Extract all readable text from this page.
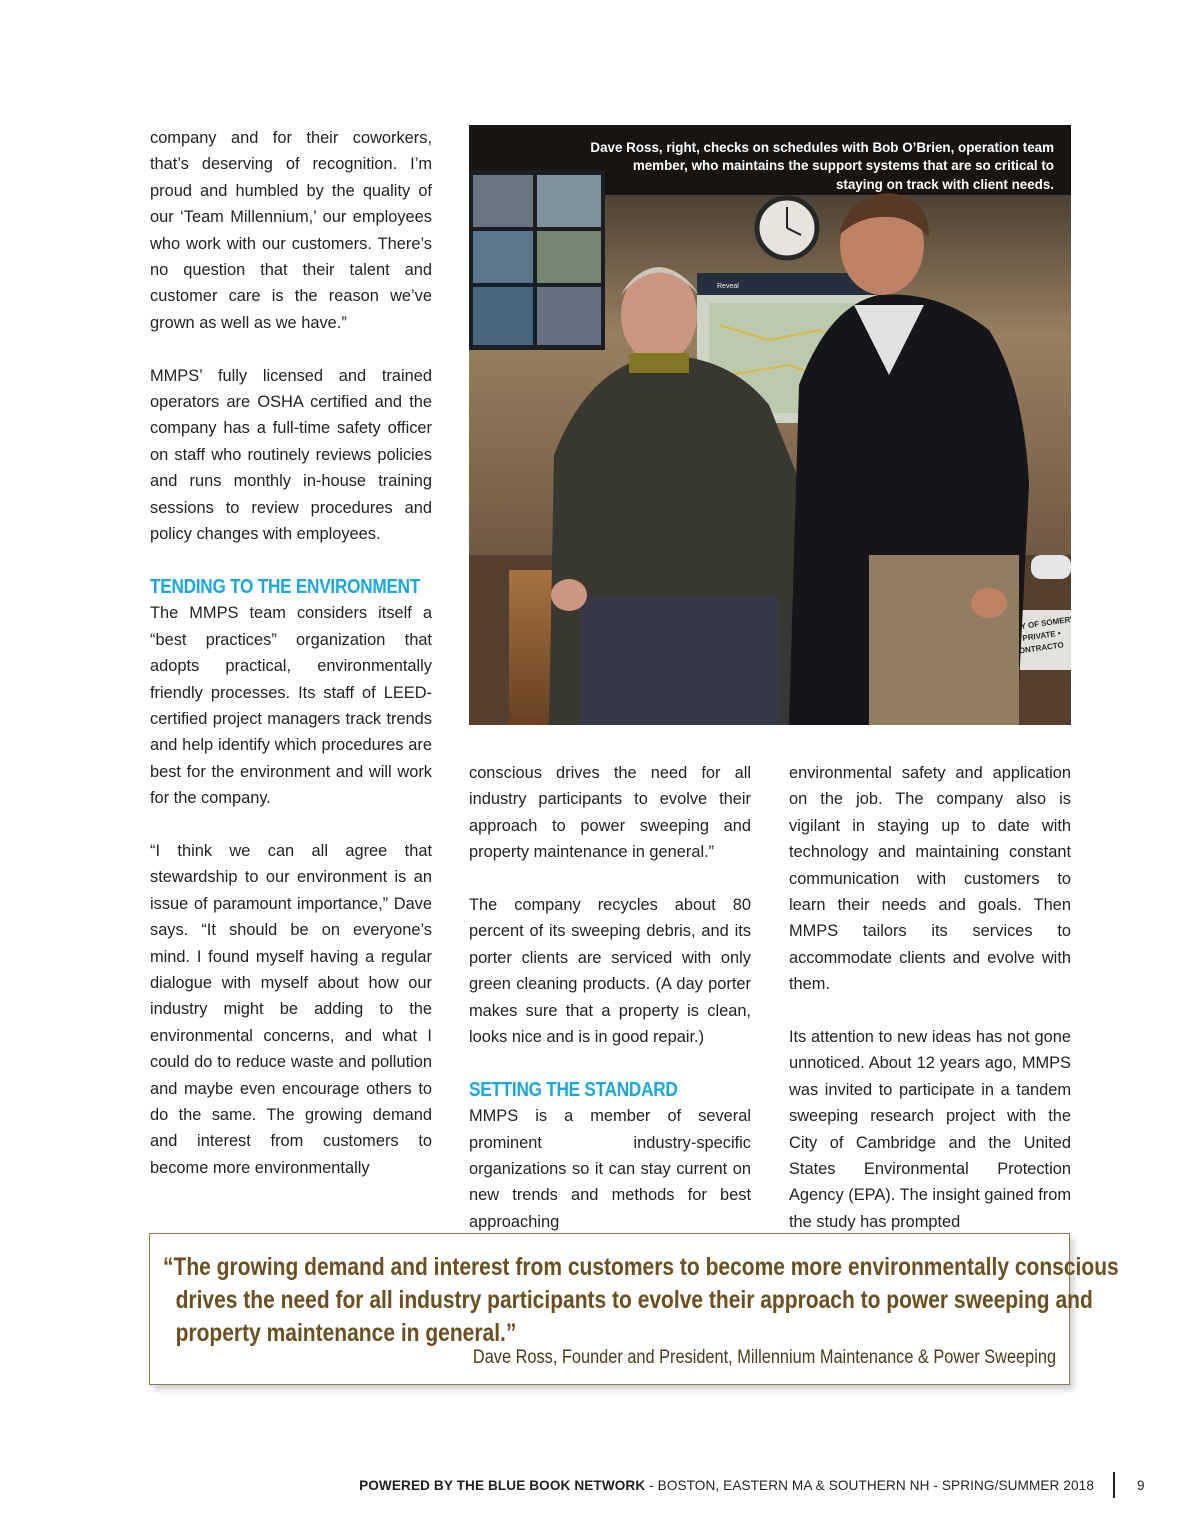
company and for their coworkers, that’s deserving of recognition. I’m proud and humbled by the quality of our ‘Team Millennium,’ our employees who work with our customers. There’s no question that their talent and customer care is the reason we’ve grown as well as we have.”

MMPS’ fully licensed and trained operators are OSHA certified and the company has a full-time safety officer on staff who routinely reviews policies and runs monthly in-house training sessions to review procedures and policy changes with employees.

TENDING TO THE ENVIRONMENT

The MMPS team considers itself a “best practices” organization that adopts practical, environmentally friendly processes. Its staff of LEED-certified project managers track trends and help identify which procedures are best for the environment and will work for the company.

“I think we can all agree that stewardship to our environment is an issue of paramount importance,” Dave says. “It should be on everyone’s mind. I found myself having a regular dialogue with myself about how our industry might be adding to the environmental concerns, and what I could do to reduce waste and pollution and maybe even encourage others to do the same. The growing demand and interest from customers to become more environmentally

Dave Ross, right, checks on schedules with Bob O’Brien, operation team
member, who maintains the support systems that are so critical to
staying on track with client needs.

conscious drives the need for all industry participants to evolve their approach to power sweeping and property maintenance in general.”

The company recycles about 80 percent of its sweeping debris, and its porter clients are serviced with only green cleaning products. (A day porter makes sure that a property is clean, looks nice and is in good repair.)

SETTING THE STANDARD

MMPS is a member of several prominent industry-specific organizations so it can stay current on new trends and methods for best approaching

environmental safety and application on the job. The company also is vigilant in staying up to date with technology and maintaining constant communication with customers to learn their needs and goals. Then MMPS tailors its services to accommodate clients and evolve with them.

Its attention to new ideas has not gone unnoticed. About 12 years ago, MMPS was invited to participate in a tandem sweeping research project with the City of Cambridge and the United States Environmental Protection Agency (EPA). The insight gained from the study has prompted

“The growing demand and interest from customers to become more environmentally conscious
drives the need for all industry participants to evolve their approach to power sweeping and
property maintenance in general.”
Dave Ross, Founder and President, Millennium Maintenance & Power Sweeping
POWERED BY THE BLUE BOOK NETWORK - BOSTON, EASTERN MA & SOUTHERN NH - SPRING/SUMMER 2018	9
